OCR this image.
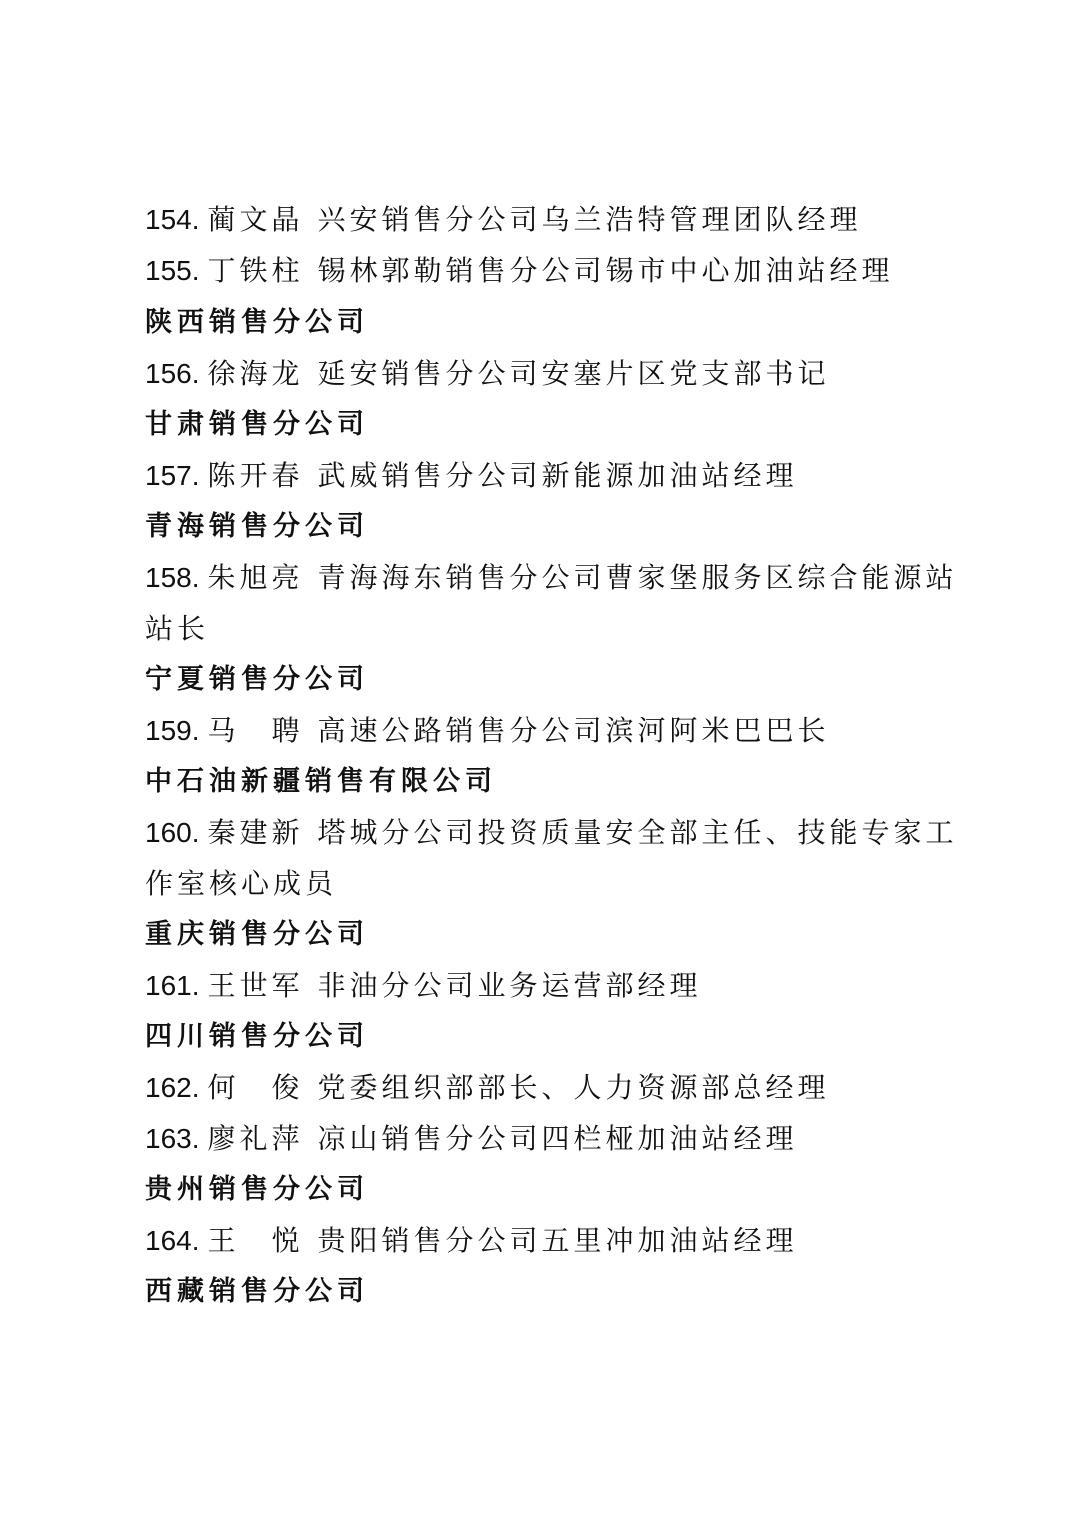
154. 蔺文晶 兴安销售分公司乌兰浩特管理团队经理
155. 丁铁柱 锡林郭勒销售分公司锡市中心加油站经理
陕西销售分公司
156. 徐海龙 延安销售分公司安塞片区党支部书记
甘肃销售分公司
157. 陈开春 武威销售分公司新能源加油站经理
青海销售分公司
158. 朱旭亮 青海海东销售分公司曹家堡服务区综合能源站
站长
宁夏销售分公司
159. 马　聘 高速公路销售分公司滨河阿米巴巴长
中石油新疆销售有限公司
160. 秦建新 塔城分公司投资质量安全部主任、技能专家工
作室核心成员
重庆销售分公司
161. 王世军 非油分公司业务运营部经理
四川销售分公司
162. 何　俊 党委组织部部长、人力资源部总经理
163. 廖礼萍 凉山销售分公司四栏桠加油站经理
贵州销售分公司
164. 王　悦 贵阳销售分公司五里冲加油站经理
西藏销售分公司
